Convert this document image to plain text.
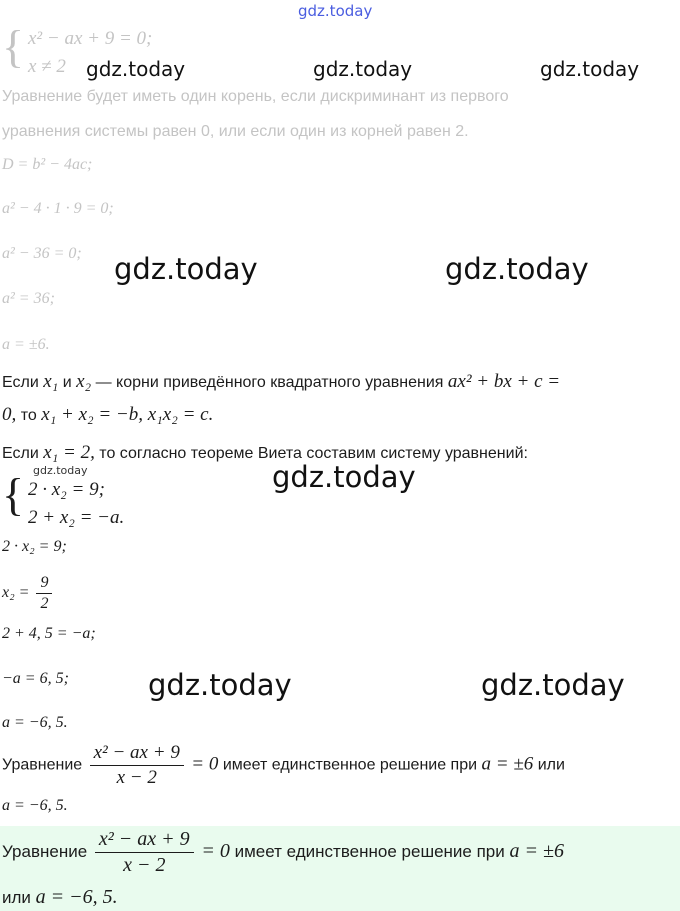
gdz.today
{ x² − ax + 9 = 0;
x ≠ 2 gdz.today	gdz.today	gdz.today
Уравнение будет иметь один корень, если дискриминант из первого
уравнения системы равен 0, или если один из корней равен 2.
D = b² − 4ac;
a² − 4 · 1 · 9 = 0;
a² − 36 = 0;
a² = 36;
a = ±6.
gdz.today	gdz.today
Если x₁ и x₂ — корни приведённого квадратного уравнения ax² + bx + c =
0, то x₁ + x₂ = −b, x₁x₂ = c.
Если x₁ = 2, то согласно теореме Виета составим систему уравнений:
gdz.today
{ 2 · x₂ = 9;
2 + x₂ = −a.
gdz.today
2 · x₂ = 9;
$x_2 = \frac{9}{2}$
2 + 4, 5 = −a;
−a = 6, 5;
a = −6, 5.
gdz.today	gdz.today
Уравнение $\frac{\text{x² − ax + 9}}{x - 2} = 0$ имеет единственное решение при a = ±6 или
a = −6, 5.
Уравнение $\frac{\text{x² − ax + 9}}{x - 2} = 0$ имеет единственное решение при a = ±6
или a = −6, 5.
